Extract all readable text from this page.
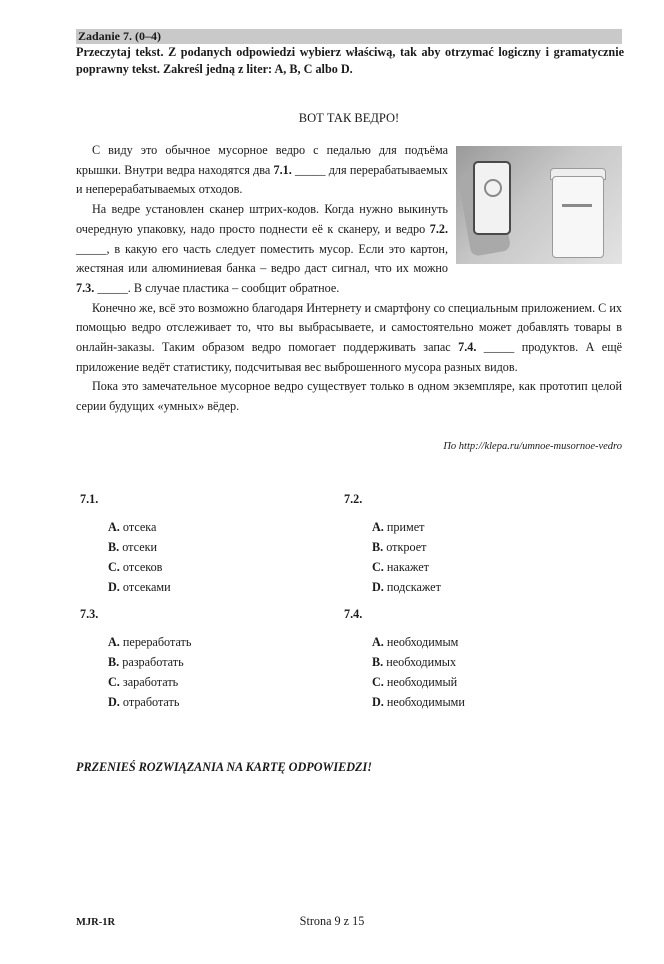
Zadanie 7. (0–4)
Przeczytaj tekst. Z podanych odpowiedzi wybierz właściwą, tak aby otrzymać logiczny i gramatycznie poprawny tekst. Zakreśl jedną z liter: A, B, C albo D.
ВОТ ТАК ВЕДРО!

С виду это обычное мусорное ведро с педалью для подъёма крышки. Внутри ведра находятся два 7.1. _____ для перерабатываемых и неперерабатываемых отходов.

На ведре установлен сканер штрих-кодов. Когда нужно выкинуть очередную упаковку, надо просто поднести её к сканеру, и ведро 7.2. _____, в какую его часть следует поместить мусор. Если это картон, жестяная или алюминиевая банка – ведро даст сигнал, что их можно 7.3. _____. В случае пластика – сообщит обратное.

Конечно же, всё это возможно благодаря Интернету и смартфону со специальным приложением. С их помощью ведро отслеживает то, что вы выбрасываете, и самостоятельно может добавлять товары в онлайн-заказы. Таким образом ведро помогает поддерживать запас 7.4. _____ продуктов. А ещё приложение ведёт статистику, подсчитывая вес выброшенного мусора разных видов.

Пока это замечательное мусорное ведро существует только в одном экземпляре, как прототип целой серии будущих «умных» вёдер.

По http://klepa.ru/umnoe-musornoe-vedro
7.1.
A. отсека
B. отсеки
C. отсеков
D. отсеками
7.2.
A. примет
B. откроет
C. накажет
D. подскажет
7.3.
A. переработать
B. разработать
C. заработать
D. отработать
7.4.
A. необходимым
B. необходимых
C. необходимый
D. необходимыми
PRZENIEŚ ROZWIĄZANIA NA KARTĘ ODPOWIEDZI!
MJR-1R	Strona 9 z 15
